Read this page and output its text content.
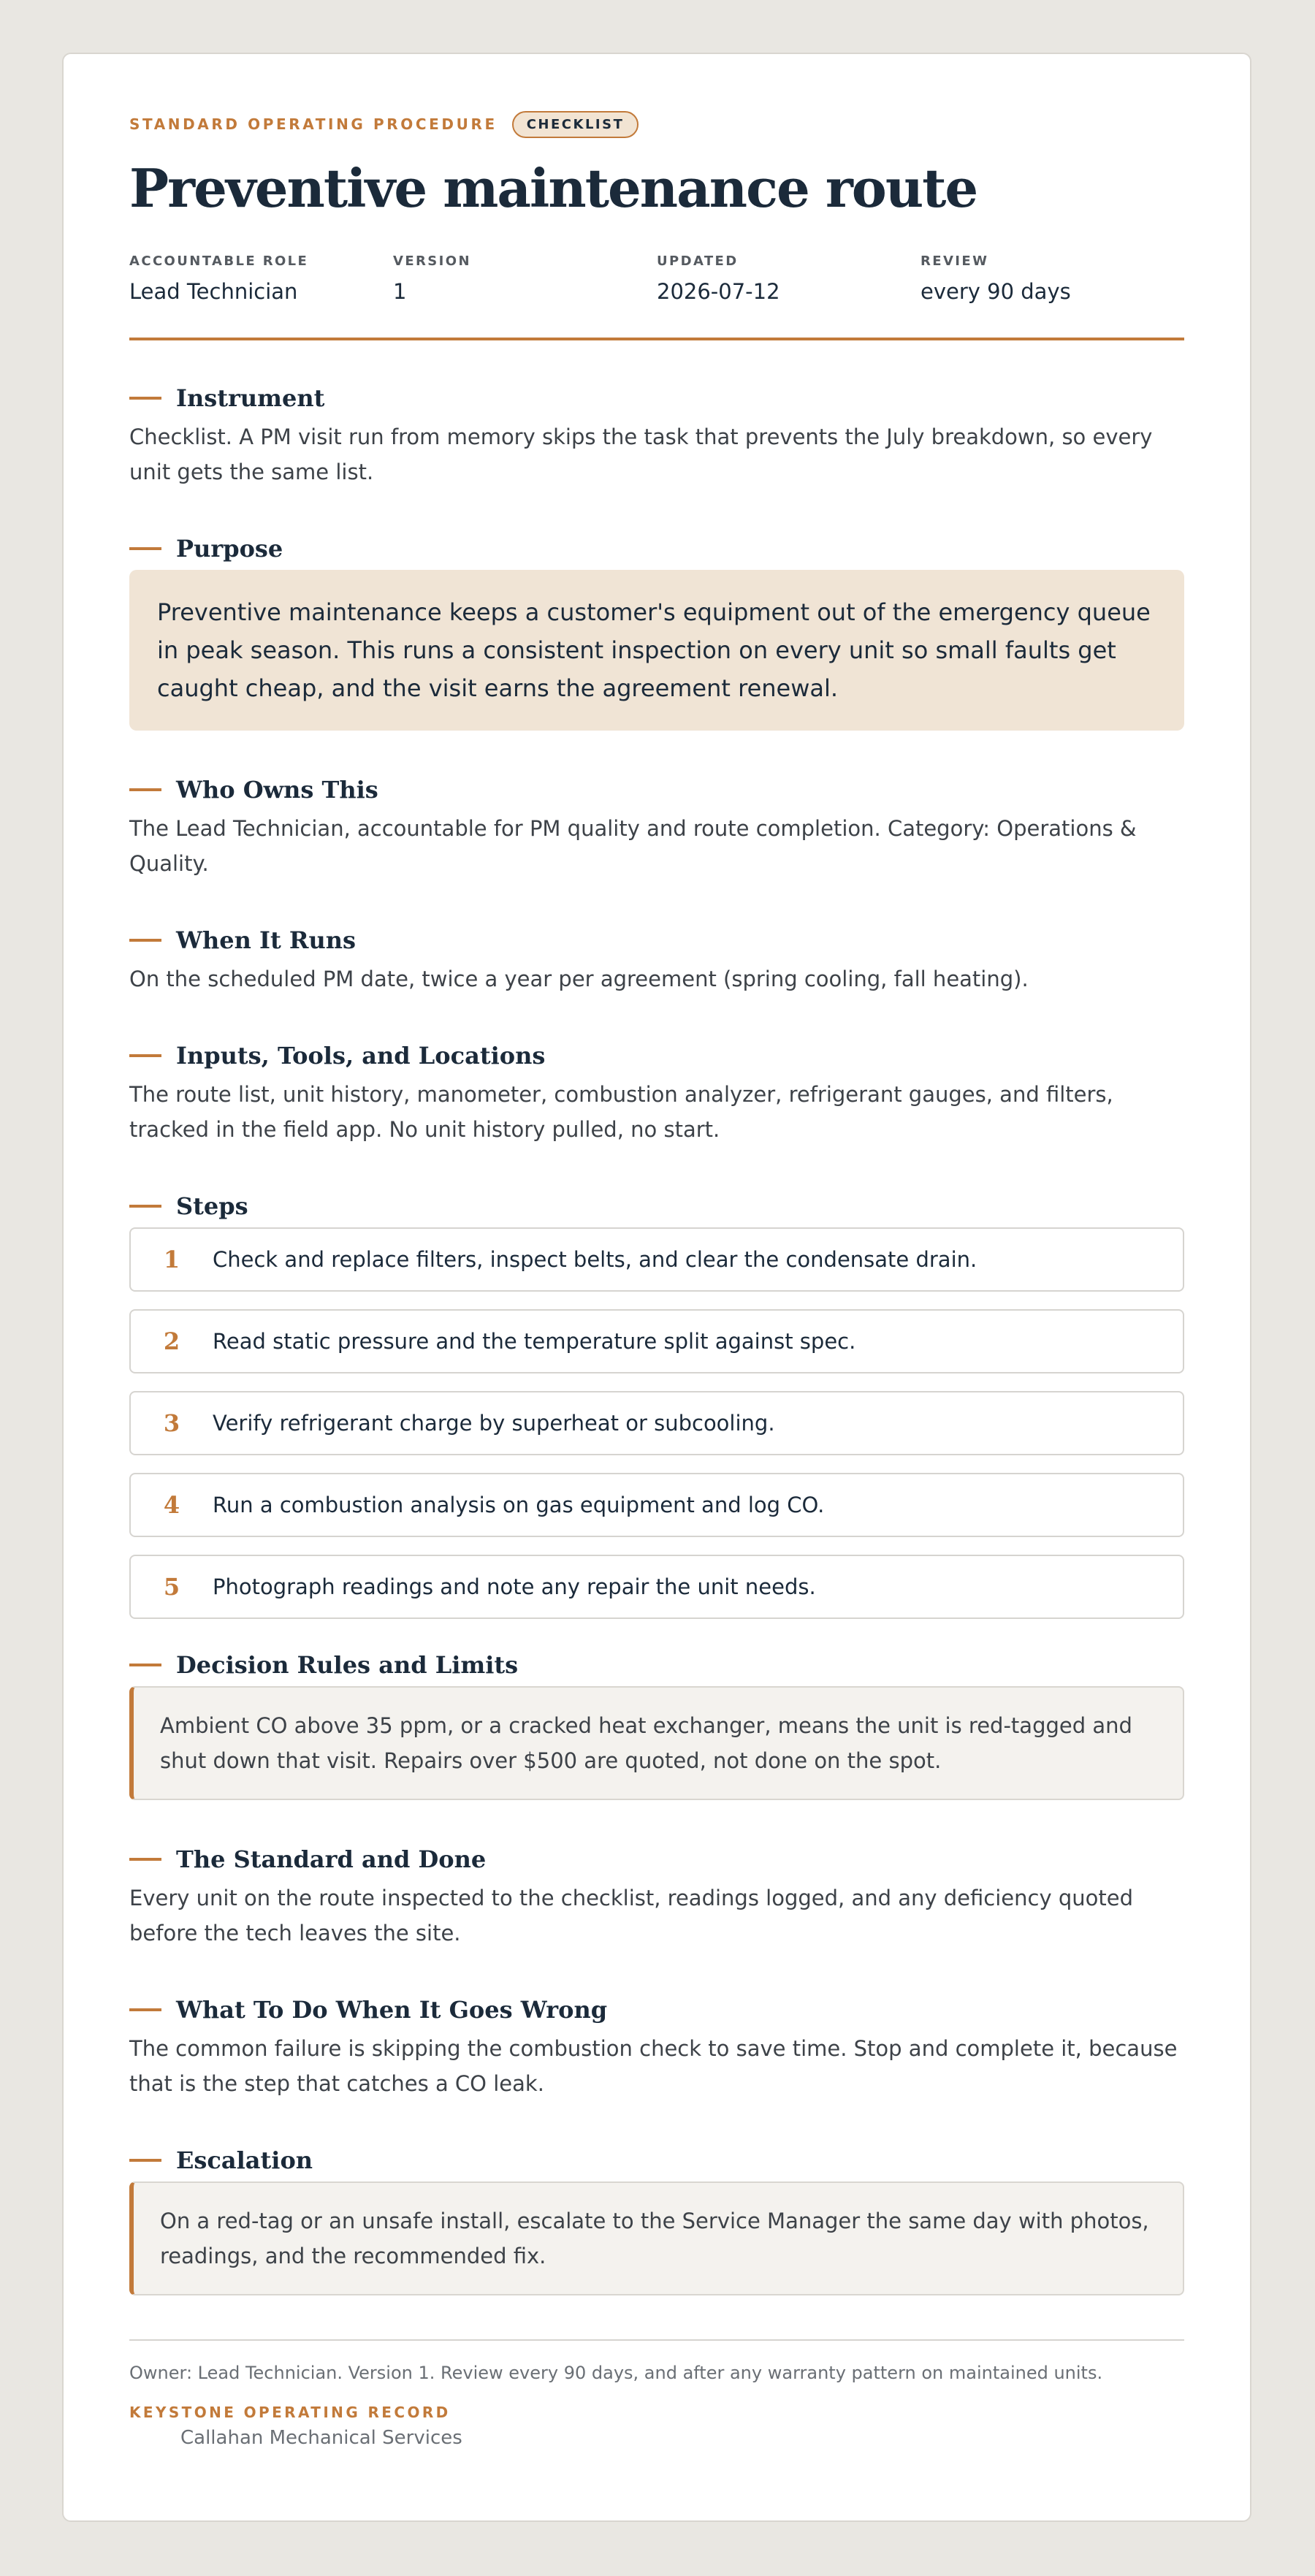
STANDARD OPERATING PROCEDURE	CHECKLIST
Preventive maintenance route
ACCOUNTABLE ROLE
Lead Technician
VERSION
1
UPDATED
2026-07-12
REVIEW
every 90 days
Instrument
Checklist. A PM visit run from memory skips the task that prevents the July breakdown, so every unit gets the same list.
Purpose
Preventive maintenance keeps a customer's equipment out of the emergency queue in peak season. This runs a consistent inspection on every unit so small faults get caught cheap, and the visit earns the agreement renewal.
Who Owns This
The Lead Technician, accountable for PM quality and route completion. Category: Operations & Quality.
When It Runs
On the scheduled PM date, twice a year per agreement (spring cooling, fall heating).
Inputs, Tools, and Locations
The route list, unit history, manometer, combustion analyzer, refrigerant gauges, and filters, tracked in the field app. No unit history pulled, no start.
Steps
1	Check and replace filters, inspect belts, and clear the condensate drain.
2	Read static pressure and the temperature split against spec.
3	Verify refrigerant charge by superheat or subcooling.
4	Run a combustion analysis on gas equipment and log CO.
5	Photograph readings and note any repair the unit needs.
Decision Rules and Limits
Ambient CO above 35 ppm, or a cracked heat exchanger, means the unit is red-tagged and shut down that visit. Repairs over $500 are quoted, not done on the spot.
The Standard and Done
Every unit on the route inspected to the checklist, readings logged, and any deficiency quoted before the tech leaves the site.
What To Do When It Goes Wrong
The common failure is skipping the combustion check to save time. Stop and complete it, because that is the step that catches a CO leak.
Escalation
On a red-tag or an unsafe install, escalate to the Service Manager the same day with photos, readings, and the recommended fix.
Owner: Lead Technician. Version 1. Review every 90 days, and after any warranty pattern on maintained units.
KEYSTONE OPERATING RECORD
Callahan Mechanical Services
